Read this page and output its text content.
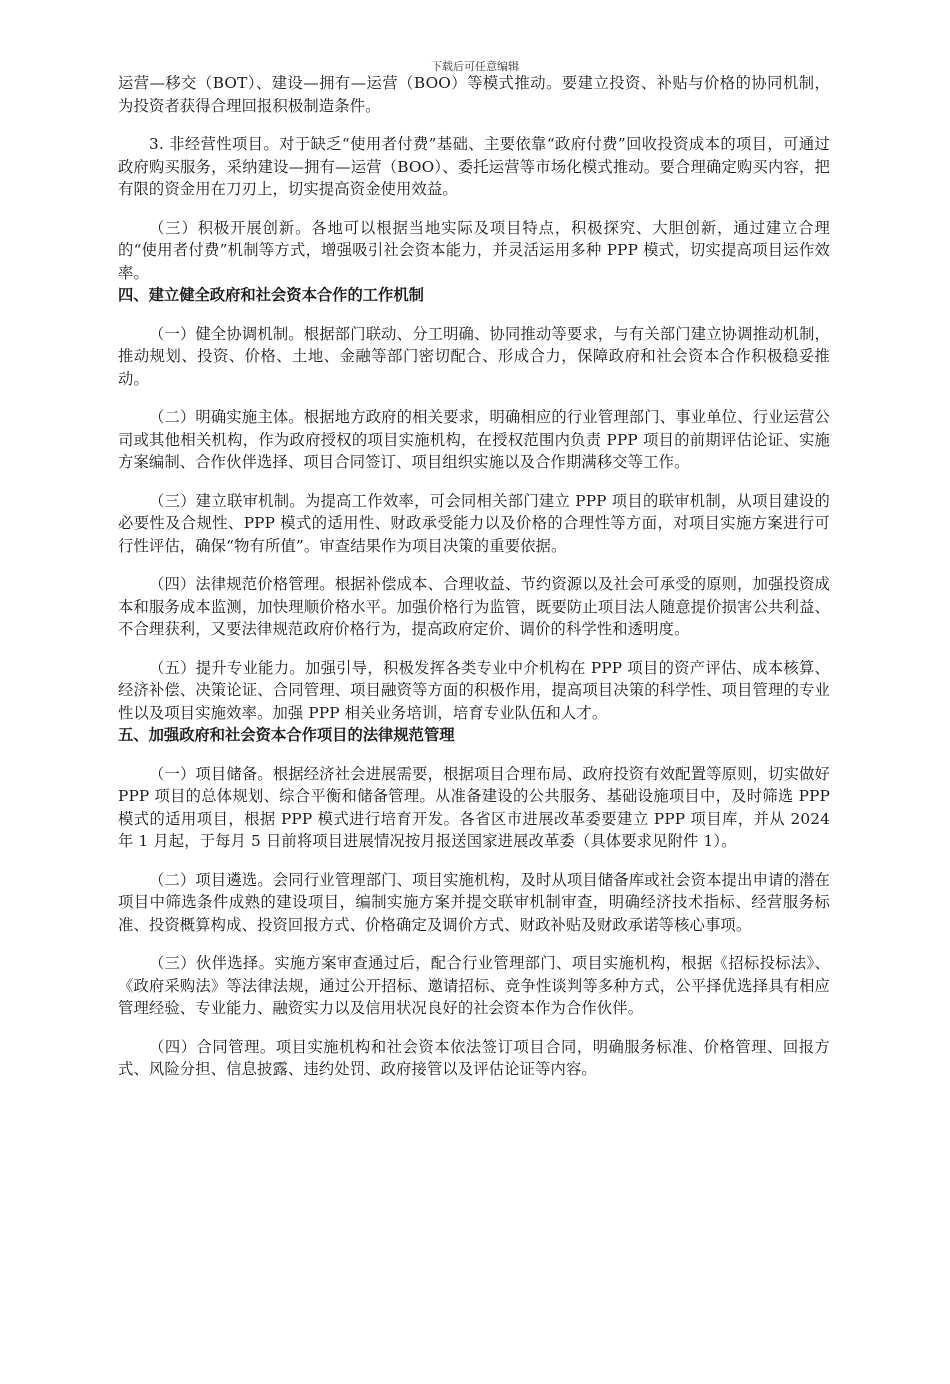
下载后可任意编辑

运营—移交（BOT）、建设—拥有—运营（BOO）等模式推动。要建立投资、补贴与价格的协同机制，为投资者获得合理回报积极制造条件。

3. 非经营性项目。对于缺乏“使用者付费”基础、主要依靠“政府付费”回收投资成本的项目，可通过政府购买服务，采纳建设—拥有—运营（BOO）、委托运营等市场化模式推动。要合理确定购买内容，把有限的资金用在刀刃上，切实提高资金使用效益。

（三）积极开展创新。各地可以根据当地实际及项目特点，积极探究、大胆创新，通过建立合理的“使用者付费”机制等方式，增强吸引社会资本能力，并灵活运用多种 PPP 模式，切实提高项目运作效率。

四、建立健全政府和社会资本合作的工作机制

（一）健全协调机制。根据部门联动、分工明确、协同推动等要求，与有关部门建立协调推动机制，推动规划、投资、价格、土地、金融等部门密切配合、形成合力，保障政府和社会资本合作积极稳妥推动。

（二）明确实施主体。根据地方政府的相关要求，明确相应的行业管理部门、事业单位、行业运营公司或其他相关机构，作为政府授权的项目实施机构，在授权范围内负责 PPP 项目的前期评估论证、实施方案编制、合作伙伴选择、项目合同签订、项目组织实施以及合作期满移交等工作。

（三）建立联审机制。为提高工作效率，可会同相关部门建立 PPP 项目的联审机制，从项目建设的必要性及合规性、PPP 模式的适用性、财政承受能力以及价格的合理性等方面，对项目实施方案进行可行性评估，确保“物有所值”。审查结果作为项目决策的重要依据。

（四）法律规范价格管理。根据补偿成本、合理收益、节约资源以及社会可承受的原则，加强投资成本和服务成本监测，加快理顺价格水平。加强价格行为监管，既要防止项目法人随意提价损害公共利益、不合理获利，又要法律规范政府价格行为，提高政府定价、调价的科学性和透明度。

（五）提升专业能力。加强引导，积极发挥各类专业中介机构在 PPP 项目的资产评估、成本核算、经济补偿、决策论证、合同管理、项目融资等方面的积极作用，提高项目决策的科学性、项目管理的专业性以及项目实施效率。加强 PPP 相关业务培训，培育专业队伍和人才。

五、加强政府和社会资本合作项目的法律规范管理

（一）项目储备。根据经济社会进展需要，根据项目合理布局、政府投资有效配置等原则，切实做好 PPP 项目的总体规划、综合平衡和储备管理。从准备建设的公共服务、基础设施项目中，及时筛选 PPP 模式的适用项目，根据 PPP 模式进行培育开发。各省区市进展改革委要建立 PPP 项目库，并从 2024 年 1 月起，于每月 5 日前将项目进展情况按月报送国家进展改革委（具体要求见附件 1）。

（二）项目遴选。会同行业管理部门、项目实施机构，及时从项目储备库或社会资本提出申请的潜在项目中筛选条件成熟的建设项目，编制实施方案并提交联审机制审查，明确经济技术指标、经营服务标准、投资概算构成、投资回报方式、价格确定及调价方式、财政补贴及财政承诺等核心事项。

（三）伙伴选择。实施方案审查通过后，配合行业管理部门、项目实施机构，根据《招标投标法》、《政府采购法》等法律法规，通过公开招标、邀请招标、竞争性谈判等多种方式，公平择优选择具有相应管理经验、专业能力、融资实力以及信用状况良好的社会资本作为合作伙伴。

（四）合同管理。项目实施机构和社会资本依法签订项目合同，明确服务标准、价格管理、回报方式、风险分担、信息披露、违约处罚、政府接管以及评估论证等内容。
